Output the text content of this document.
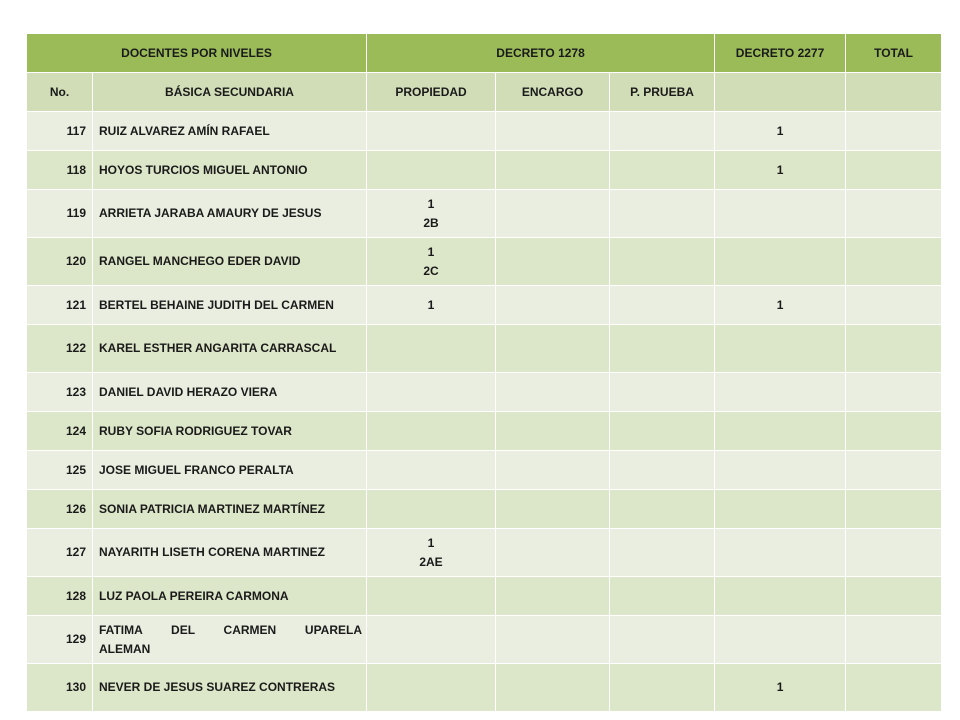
DOCENTES POR NIVELES		DECRETO 1278			DECRETO 2277	TOTAL
No.	BÁSICA SECUNDARIA	PROPIEDAD	ENCARGO	P. PRUEBA		
117	RUIZ ALVAREZ AMÍN RAFAEL				1	
118	HOYOS TURCIOS MIGUEL ANTONIO				1	
119	ARRIETA JARABA AMAURY DE JESUS	1
2B				

120	RANGEL MANCHEGO EDER DAVID	1
2C				

121	BERTEL BEHAINE JUDITH DEL CARMEN	1			1	
122	KAREL ESTHER ANGARITA CARRASCAL					
123	DANIEL DAVID HERAZO VIERA					
124	RUBY SOFIA RODRIGUEZ TOVAR					
125	JOSE MIGUEL FRANCO PERALTA					
126	SONIA PATRICIA MARTINEZ MARTÍNEZ					
127	NAYARITH LISETH CORENA MARTINEZ	1
2AE				

128	LUZ PAOLA PEREIRA CARMONA					
129	FATIMA DEL CARMEN UPARELA
ALEMAN					

130	NEVER DE JESUS SUAREZ CONTRERAS				1	
